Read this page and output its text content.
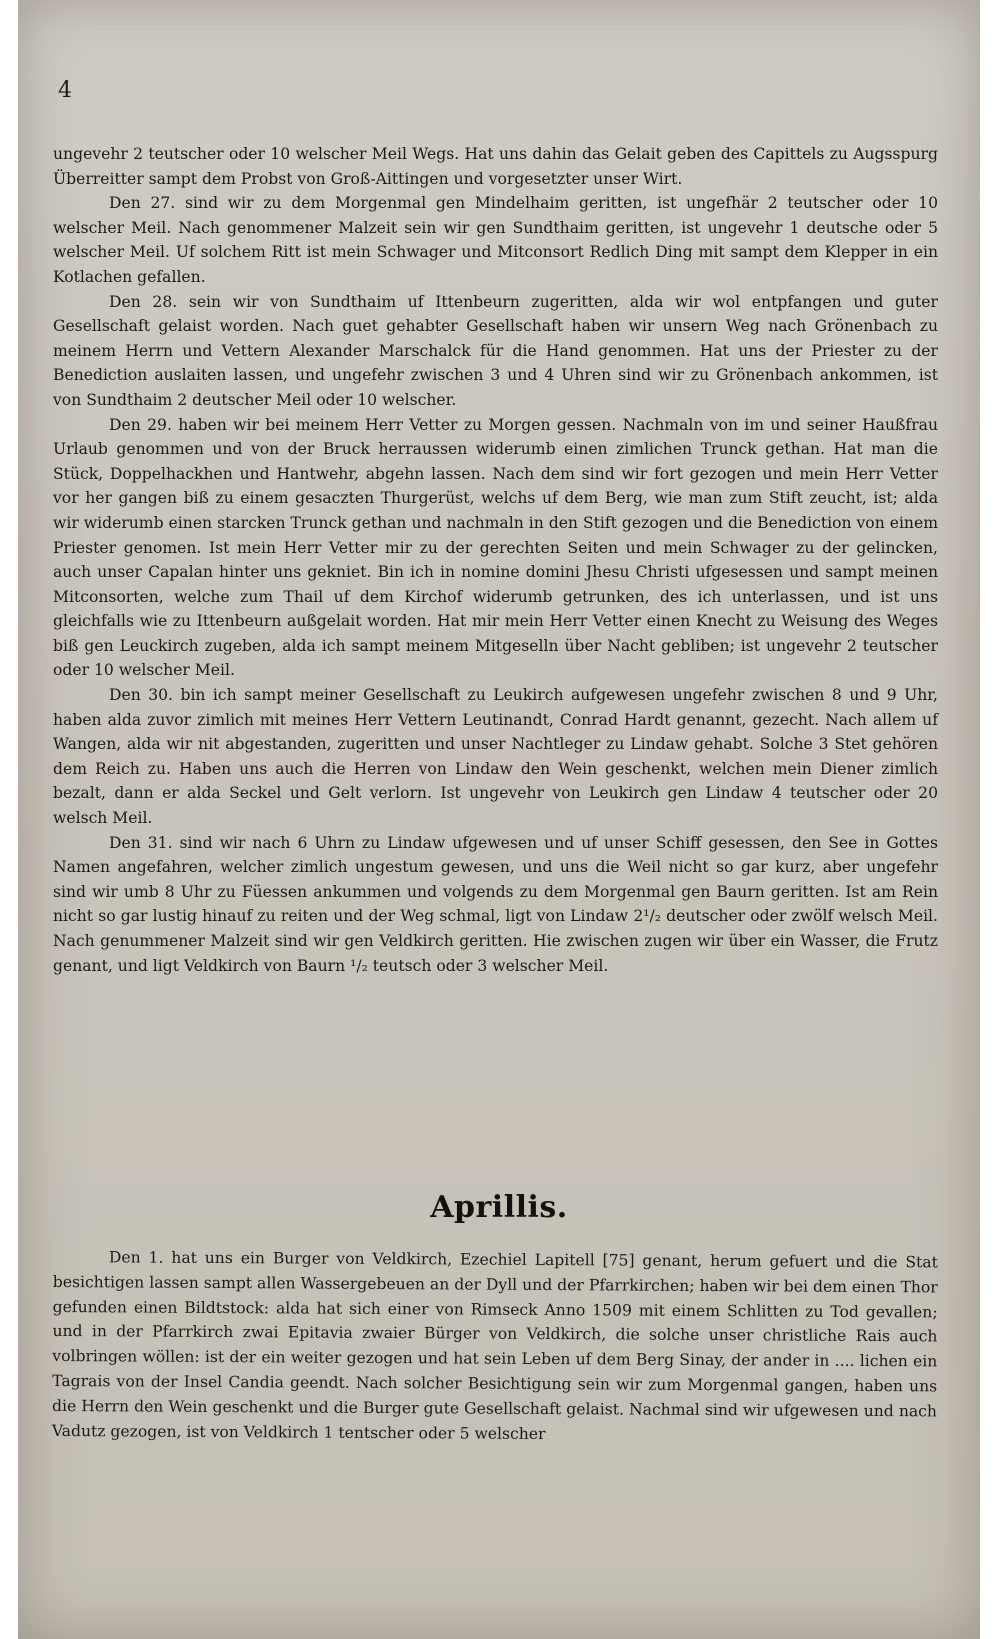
4

ungevehr 2 teutscher oder 10 welscher Meil Wegs. Hat uns dahin das Gelait geben des Capittels zu Augsspurg Überreitter sampt dem Probst von Groß-Aittingen und vorgesetzter unser Wirt.

Den 27. sind wir zu dem Morgenmal gen Mindelhaim geritten, ist ungefhär 2 teutscher oder 10 welscher Meil. Nach genommener Malzeit sein wir gen Sundthaim geritten, ist ungevehr 1 deutsche oder 5 welscher Meil. Uf solchem Ritt ist mein Schwager und Mitconsort Redlich Ding mit sampt dem Klepper in ein Kotlachen gefallen.

Den 28. sein wir von Sundthaim uf Ittenbeurn zugeritten, alda wir wol entpfangen und guter Gesellschaft gelaist worden. Nach guet gehabter Gesellschaft haben wir unsern Weg nach Grönenbach zu meinem Herrn und Vettern Alexander Marschalck für die Hand genommen. Hat uns der Priester zu der Benediction auslaiten lassen, und ungefehr zwischen 3 und 4 Uhren sind wir zu Grönenbach ankommen, ist von Sundthaim 2 deutscher Meil oder 10 welscher.

Den 29. haben wir bei meinem Herr Vetter zu Morgen gessen. Nachmaln von im und seiner Haußfrau Urlaub genommen und von der Bruck herraussen widerumb einen zimlichen Trunck gethan. Hat man die Stück, Doppelhackhen und Hantwehr, abgehn lassen. Nach dem sind wir fort gezogen und mein Herr Vetter vor her gangen biß zu einem gesaczten Thurgerüst, welchs uf dem Berg, wie man zum Stift zeucht, ist; alda wir widerumb einen starcken Trunck gethan und nachmaln in den Stift gezogen und die Benediction von einem Priester genomen. Ist mein Herr Vetter mir zu der gerechten Seiten und mein Schwager zu der gelincken, auch unser Capalan hinter uns gekniet. Bin ich in nomine domini Jhesu Christi ufgesessen und sampt meinen Mitconsorten, welche zum Thail uf dem Kirchof widerumb getrunken, des ich unterlassen, und ist uns gleichfalls wie zu Ittenbeurn außgelait worden. Hat mir mein Herr Vetter einen Knecht zu Weisung des Weges biß gen Leuckirch zugeben, alda ich sampt meinem Mitgeselln über Nacht gebliben; ist ungevehr 2 teutscher oder 10 welscher Meil.

Den 30. bin ich sampt meiner Gesellschaft zu Leukirch aufgewesen ungefehr zwischen 8 und 9 Uhr, haben alda zuvor zimlich mit meines Herr Vettern Leutinandt, Conrad Hardt genannt, gezecht. Nach allem uf Wangen, alda wir nit abgestanden, zugeritten und unser Nachtleger zu Lindaw gehabt. Solche 3 Stet gehören dem Reich zu. Haben uns auch die Herren von Lindaw den Wein geschenkt, welchen mein Diener zimlich bezalt, dann er alda Seckel und Gelt verlorn. Ist ungevehr von Leukirch gen Lindaw 4 teutscher oder 20 welsch Meil.

Den 31. sind wir nach 6 Uhrn zu Lindaw ufgewesen und uf unser Schiff gesessen, den See in Gottes Namen angefahren, welcher zimlich ungestum gewesen, und uns die Weil nicht so gar kurz, aber ungefehr sind wir umb 8 Uhr zu Füessen ankummen und volgends zu dem Morgenmal gen Baurn geritten. Ist am Rein nicht so gar lustig hinauf zu reiten und der Weg schmal, ligt von Lindaw 2¹/₂ deutscher oder zwölf welsch Meil. Nach genummener Malzeit sind wir gen Veldkirch geritten. Hie zwischen zugen wir über ein Wasser, die Frutz genant, und ligt Veldkirch von Baurn ¹/₂ teutsch oder 3 welscher Meil.

Aprillis.

Den 1. hat uns ein Burger von Veldkirch, Ezechiel Lapitell [75] genant, herum gefuert und die Stat besichtigen lassen sampt allen Wassergebeuen an der Dyll und der Pfarrkirchen; haben wir bei dem einen Thor gefunden einen Bildtstock: alda hat sich einer von Rimseck Anno 1509 mit einem Schlitten zu Tod gevallen; und in der Pfarrkirch zwai Epitavia zwaier Bürger von Veldkirch, die solche unser christliche Rais auch volbringen wöllen: ist der ein weiter gezogen und hat sein Leben uf dem Berg Sinay, der ander in .... lichen ein Tagrais von der Insel Candia geendt. Nach solcher Besichtigung sein wir zum Morgenmal gangen, haben uns die Herrn den Wein geschenkt und die Burger gute Gesellschaft gelaist. Nachmal sind wir ufgewesen und nach Vadutz gezogen, ist von Veldkirch 1 tentscher oder 5 welscher
